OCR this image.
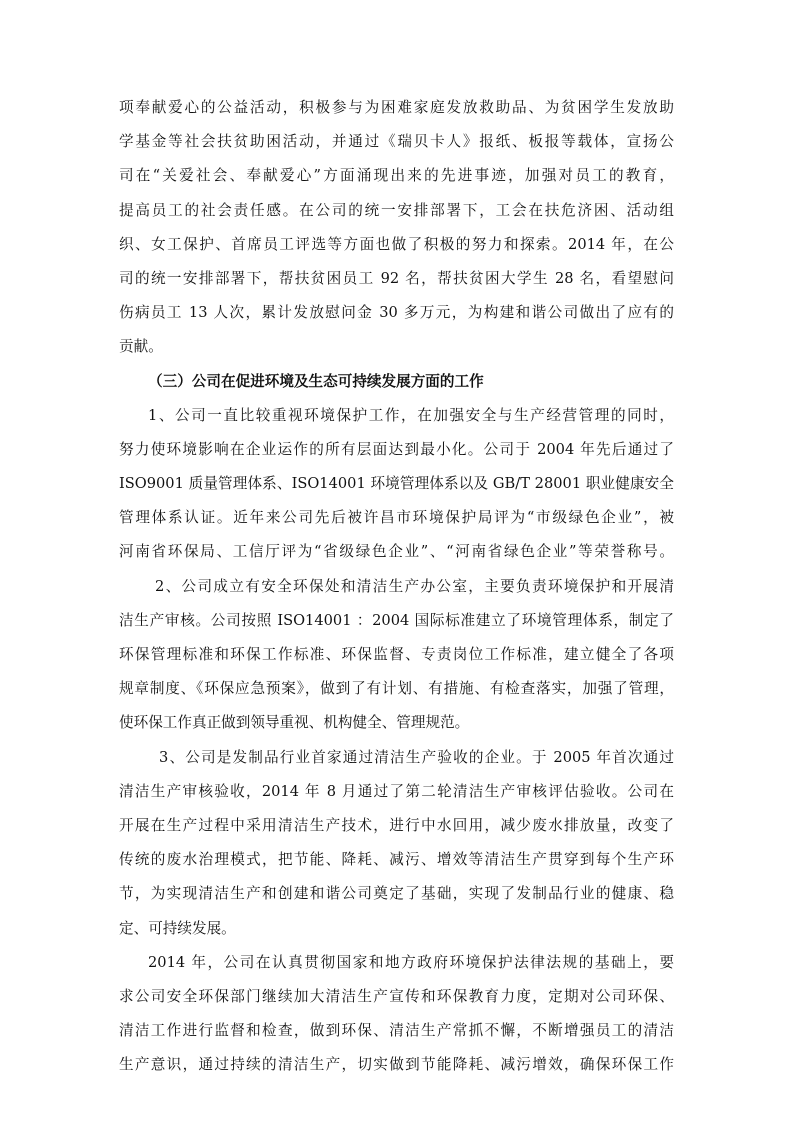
项奉献爱心的公益活动，积极参与为困难家庭发放救助品、为贫困学生发放助
学基金等社会扶贫助困活动，并通过《瑞贝卡人》报纸、板报等载体，宣扬公
司在“关爱社会、奉献爱心”方面涌现出来的先进事迹，加强对员工的教育，
提高员工的社会责任感。在公司的统一安排部署下，工会在扶危济困、活动组
织、女工保护、首席员工评选等方面也做了积极的努力和探索。2014 年，在公
司的统一安排部署下，帮扶贫困员工 92 名，帮扶贫困大学生 28 名，看望慰问
伤病员工 13 人次，累计发放慰问金 30 多万元，为构建和谐公司做出了应有的
贡献。
（三）公司在促进环境及生态可持续发展方面的工作
1、公司一直比较重视环境保护工作，在加强安全与生产经营管理的同时，
努力使环境影响在企业运作的所有层面达到最小化。公司于 2004 年先后通过了
ISO9001 质量管理体系、ISO14001 环境管理体系以及 GB/T 28001 职业健康安全
管理体系认证。近年来公司先后被许昌市环境保护局评为“市级绿色企业”，被
河南省环保局、工信厅评为“省级绿色企业”、“河南省绿色企业”等荣誉称号。
2、公司成立有安全环保处和清洁生产办公室，主要负责环境保护和开展清
洁生产审核。公司按照 ISO14001 ：2004 国际标准建立了环境管理体系，制定了
环保管理标准和环保工作标准、环保监督、专责岗位工作标准，建立健全了各项
规章制度、《环保应急预案》，做到了有计划、有措施、有检查落实，加强了管理，
使环保工作真正做到领导重视、机构健全、管理规范。
3、公司是发制品行业首家通过清洁生产验收的企业。于 2005 年首次通过
清洁生产审核验收，2014 年 8 月通过了第二轮清洁生产审核评估验收。公司在
开展在生产过程中采用清洁生产技术，进行中水回用，减少废水排放量，改变了
传统的废水治理模式，把节能、降耗、减污、增效等清洁生产贯穿到每个生产环
节，为实现清洁生产和创建和谐公司奠定了基础，实现了发制品行业的健康、稳
定、可持续发展。
2014 年，公司在认真贯彻国家和地方政府环境保护法律法规的基础上，要
求公司安全环保部门继续加大清洁生产宣传和环保教育力度，定期对公司环保、
清洁工作进行监督和检查，做到环保、清洁生产常抓不懈，不断增强员工的清洁
生产意识，通过持续的清洁生产，切实做到节能降耗、减污增效，确保环保工作
